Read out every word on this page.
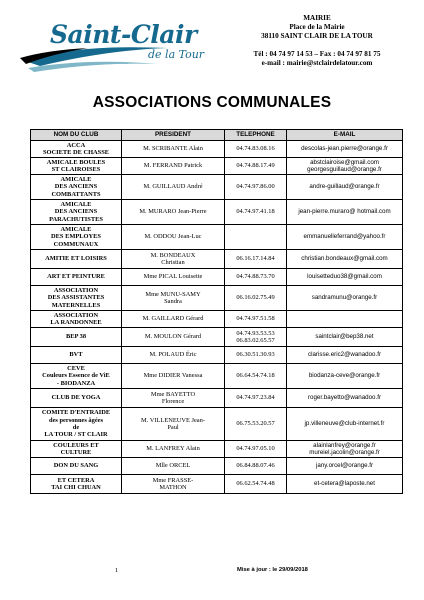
Saint-Clair
de la Tour
MAIRIE
Place de la Mairie
38110 SAINT CLAIR DE LA TOUR
Tél : 04 74 97 14 53 – Fax : 04 74 97 81 75
e-mail : mairie@stclairdelatour.com
ASSOCIATIONS COMMUNALES
NOM DU CLUB	PRESIDENT	TELEPHONE	E-MAIL

ACCA
SOCIETE DE CHASSE	M. SCRIBANTE Alain	04.74.83.08.16	descolas-jean.pierre@orange.fr

AMICALE BOULES
ST CLAIROISES	M. FERRAND Patrick	04.74.88.17.49	abstclairoise@gmail.com
georgesguillaud@orange.fr

AMICALE
DES ANCIENS
COMBATTANTS	M. GUILLAUD André	04.74.97.86.00	andre-guillaud@orange.fr

AMICALE
DES ANCIENS
PARACHUTISTES	M. MURARO Jean-Pierre	04.74.97.41.18	jean-pierre.muraro@ hotmail.com

AMICALE
DES EMPLOYES
COMMUNAUX	M. ODDOU Jean-Luc		emmanuelleferrand@yahoo.fr

AMITIE ET LOISIRS	M. BONDEAUX
Christian	06.16.17.14.84	christian.bondeaux@gmail.com

ART ET PEINTURE	Mme PICAL Louisette	04.74.88.73.70	louisetteduo38@gmail.com

ASSOCIATION
DES ASSISTANTES
MATERNELLES	Mme MUNU-SAMY
Sandra	06.16.02.75.49	sandramunu@orange.fr

ASSOCIATION
LA RANDONNEE	M. GAILLARD Gérard	04.74.97.51.58	

BEP 38	M. MOULON Gérard	04.74.93.53.53
06.83.02.65.57	saintclair@bep38.net

BVT	M. POLAUD Éric	06.30.51.30.93	clarisse.eric2@wanadoo.fr

CEVE
Couleurs Essence de ViE
- BIODANZA	Mme DIDIER Vanessa	06.64.54.74.18	biodanza-ceve@orange.fr

CLUB DE YOGA	Mme BAYETTO
Florence	04.74.97.23.84	roger.bayetto@wanadoo.fr

COMITE D'ENTRAIDE
des personnes âgées
de
LA TOUR / ST CLAIR	M. VILLENEUVE Jean-
Paul	06.75.53.20.57	jp.villeneuve@club-internet.fr

COULEURS ET
CULTURE	M. LANFREY Alain	04.74.97.05.10	alainlanfrey@orange.fr
mureiel.jacolin@orange.fr

DON DU SANG	Mlle ORCEL	06.84.88.07.46	jany.orcel@orange.fr

ET CETERA
TAI CHI CHUAN	Mme FRASSE-
MATHON	06.62.54.74.48	et-cetera@laposte.net
1	Mise à jour : le 29/09/2018
